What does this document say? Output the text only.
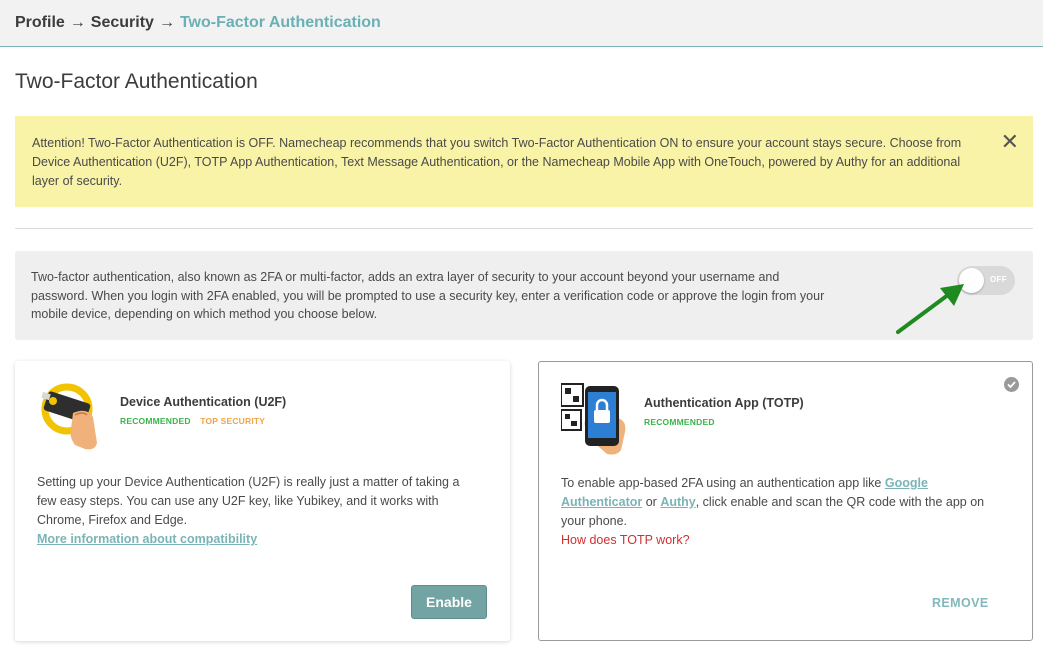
Profile → Security → Two-Factor Authentication
Two-Factor Authentication
Attention! Two-Factor Authentication is OFF. Namecheap recommends that you switch Two-Factor Authentication ON to ensure your account stays secure. Choose from Device Authentication (U2F), TOTP App Authentication, Text Message Authentication, or the Namecheap Mobile App with OneTouch, powered by Authy for an additional layer of security.
✕
Two-factor authentication, also known as 2FA or multi-factor, adds an extra layer of security to your account beyond your username and password. When you login with 2FA enabled, you will be prompted to use a security key, enter a verification code or approve the login from your mobile device, depending on which method you choose below.
OFF
Device Authentication (U2F)
RECOMMENDED TOP SECURITY
Setting up your Device Authentication (U2F) is really just a matter of taking a few easy steps. You can use any U2F key, like Yubikey, and it works with Chrome, Firefox and Edge.
More information about compatibility
Enable
Authentication App (TOTP)
RECOMMENDED
To enable app-based 2FA using an authentication app like Google Authenticator or Authy, click enable and scan the QR code with the app on your phone.
How does TOTP work?
REMOVE
